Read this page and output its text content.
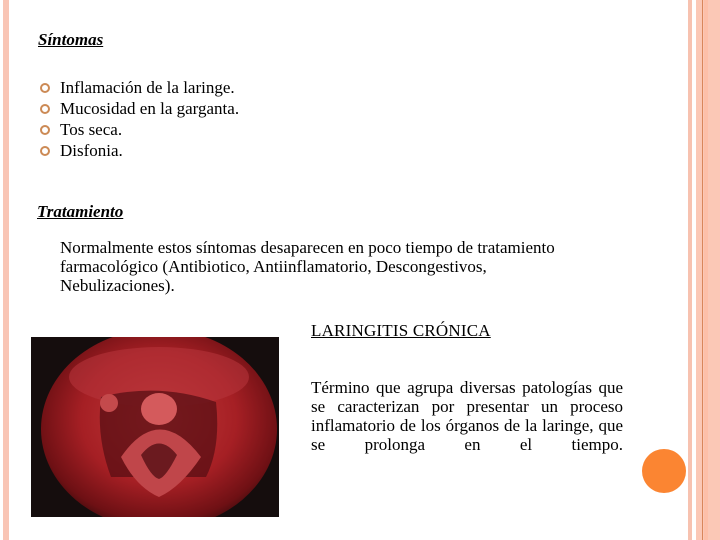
Síntomas
Inflamación de la laringe.
Mucosidad en la garganta.
Tos seca.
Disfonia.
Tratamiento
Normalmente estos síntomas desaparecen en poco tiempo de tratamiento farmacológico (Antibiotico, Antiinflamatorio, Descongestivos, Nebulizaciones).
LARINGITIS CRÓNICA
Término que agrupa diversas patologías que se caracterizan por presentar un proceso inflamatorio de los órganos de la laringe, que se prolonga en el tiempo.
